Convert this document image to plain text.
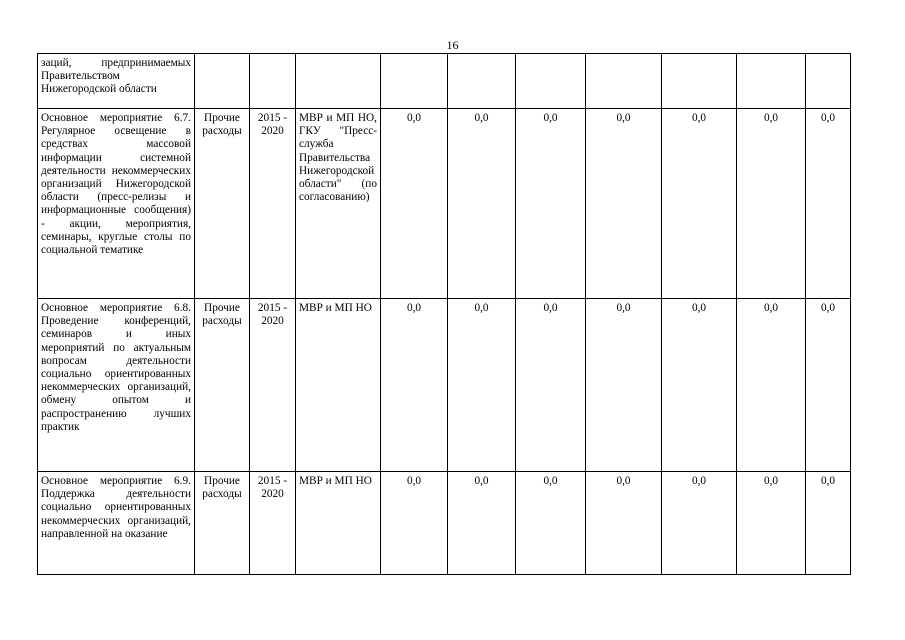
16
заций, предпринимаемых Правительством Нижегородской области										
Основное мероприятие 6.7. Регулярное освещение в средствах массовой информации системной деятельности некоммерческих организаций Нижегородской области (пресс-релизы и информационные сообщения) - акции, мероприятия, семинары, круглые столы по социальной тематике	Прочие расходы	2015 - 2020	МВР и МП НО, ГКУ "Пресс-служба Правительства Нижегородской области" (по согласованию)	0,0	0,0	0,0	0,0	0,0	0,0	0,0
Основное мероприятие 6.8. Проведение конференций, семинаров и иных мероприятий по актуальным вопросам деятельности социально ориентированных некоммерческих организаций, обмену опытом и распространению лучших практик	Прочие расходы	2015 - 2020	МВР и МП НО	0,0	0,0	0,0	0,0	0,0	0,0	0,0
Основное мероприятие 6.9. Поддержка деятельности социально ориентированных некоммерческих организаций, направленной на оказание	Прочие расходы	2015 - 2020	МВР и МП НО	0,0	0,0	0,0	0,0	0,0	0,0	0,0
